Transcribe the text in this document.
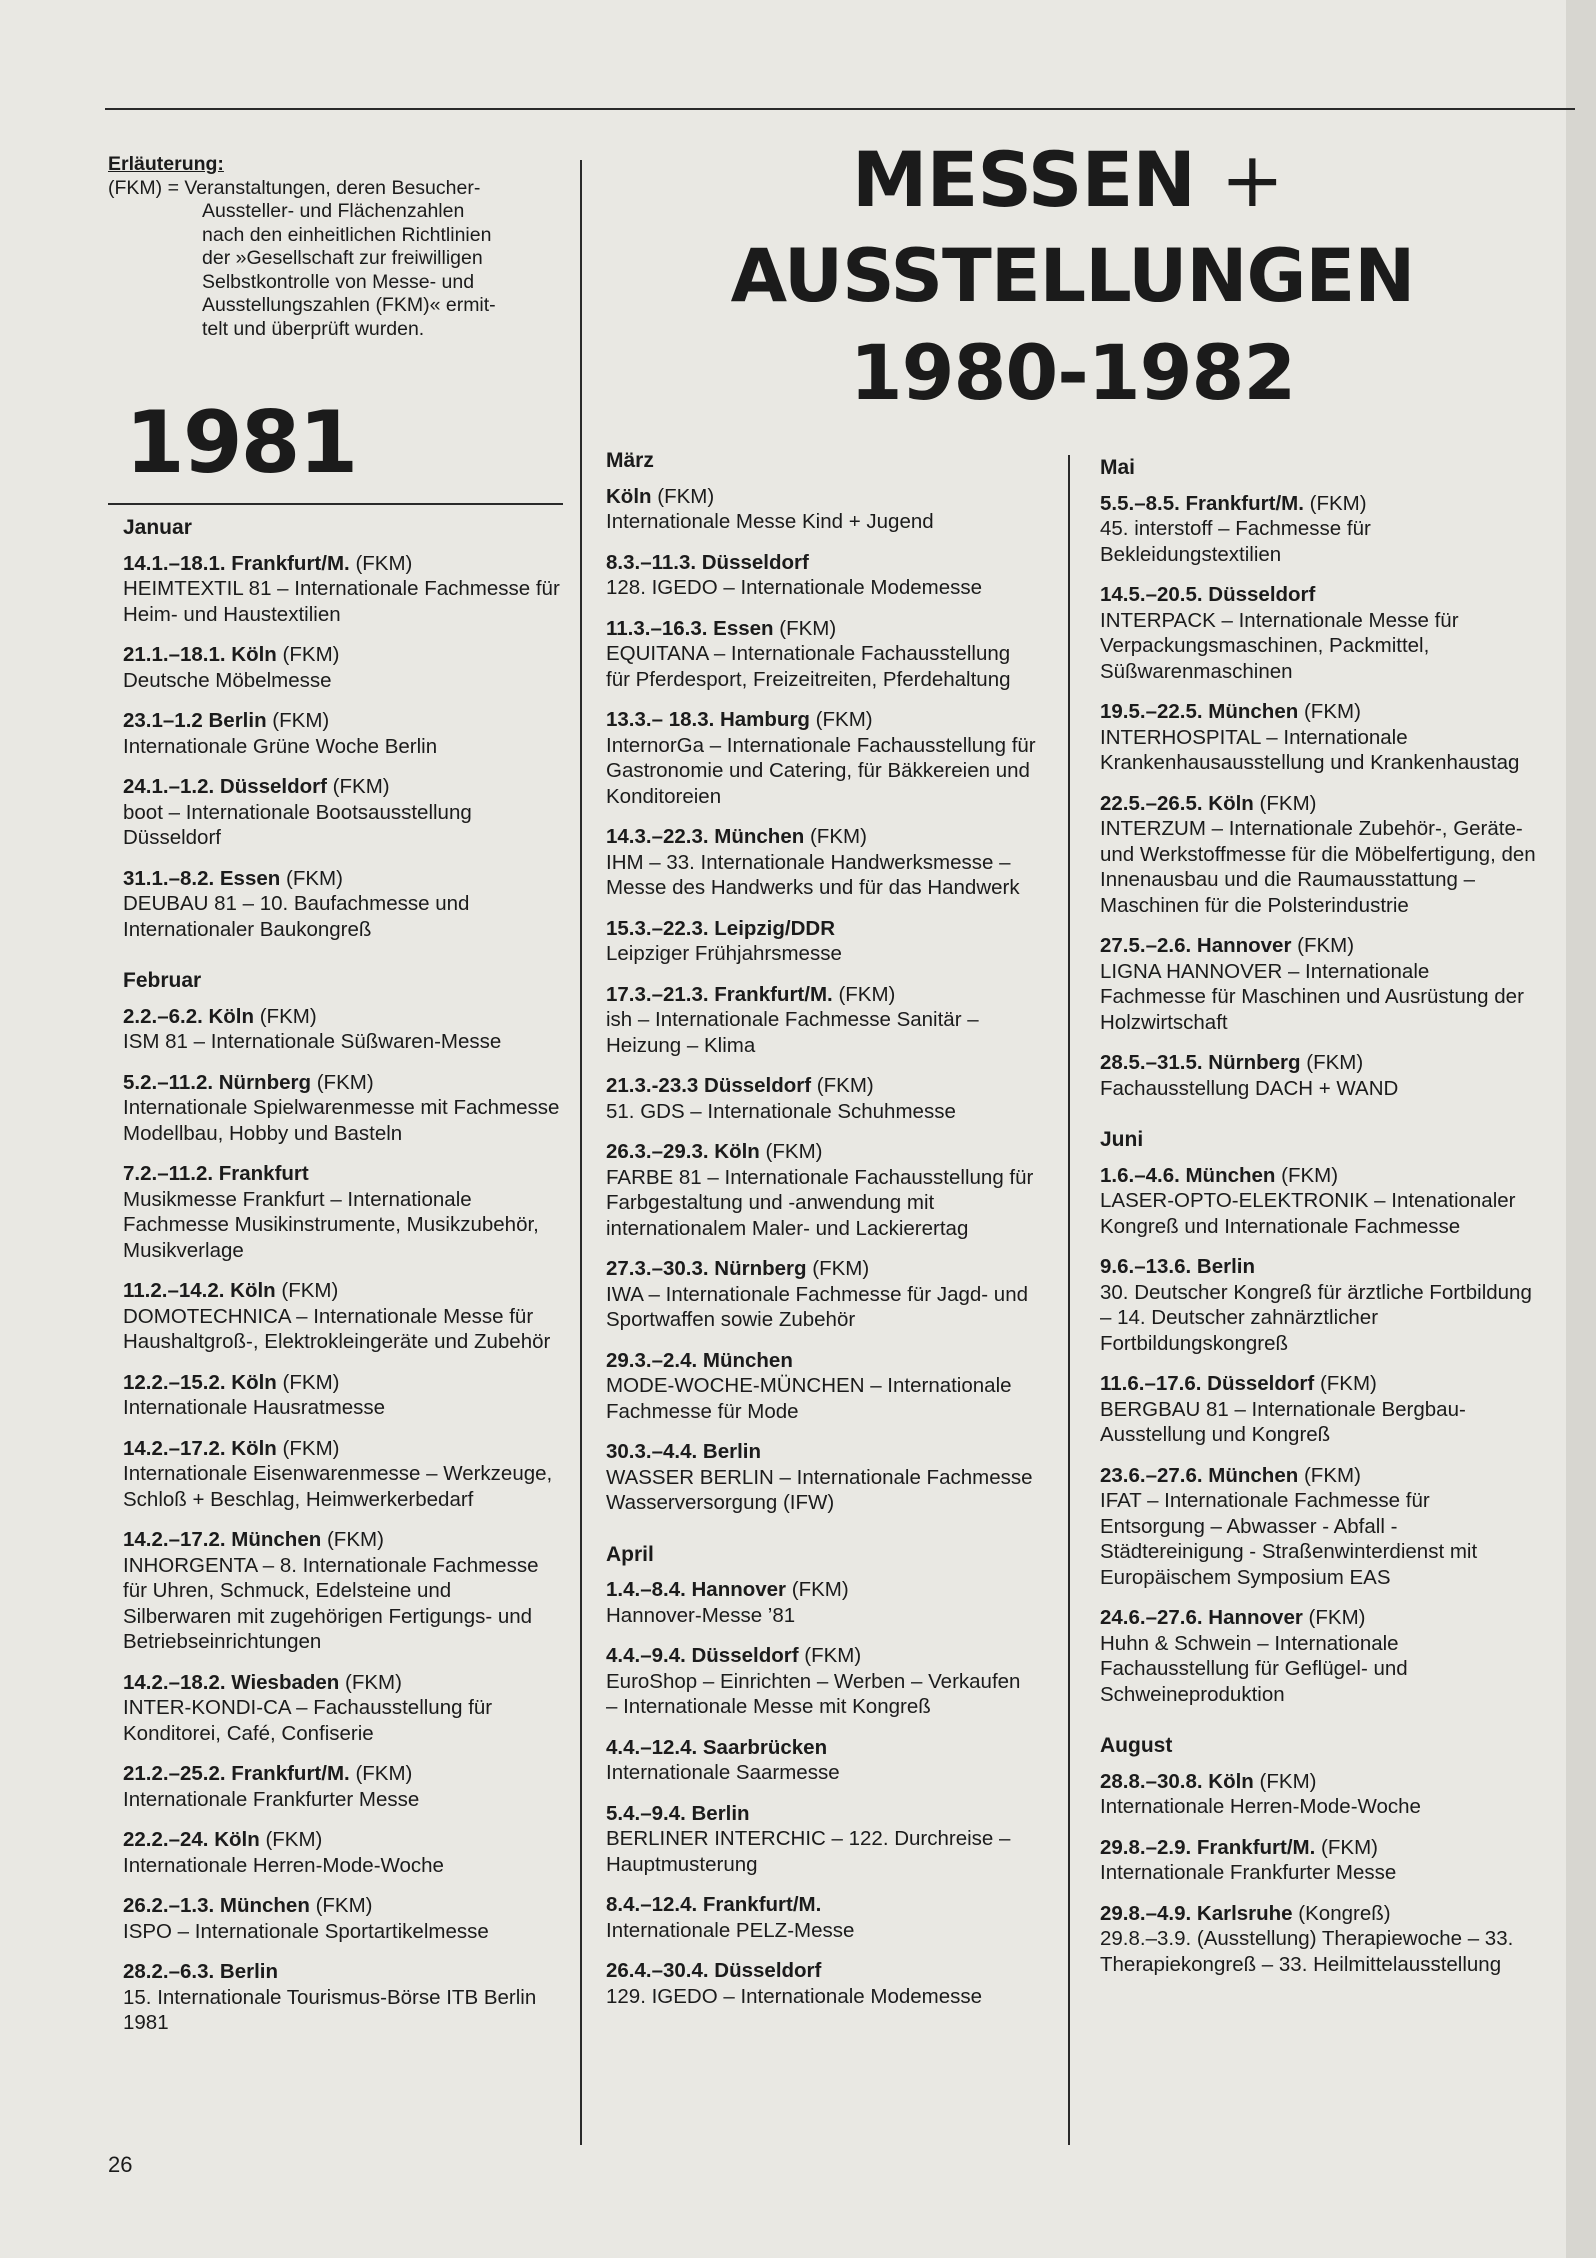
Erläuterung:
(FKM) = Veranstaltungen, deren Besucher-
Aussteller- und Flächenzahlen
nach den einheitlichen Richtlinien
der »Gesellschaft zur freiwilligen
Selbstkontrolle von Messe- und
Ausstellungszahlen (FKM)« ermit-
telt und überprüft wurden.
1981
MESSEN +
AUSSTELLUNGEN
1980-1982
Januar
14.1.–18.1. Frankfurt/M. (FKM)
HEIMTEXTIL 81 – Internationale Fachmesse für Heim- und Haustextilien
21.1.–18.1. Köln (FKM)
Deutsche Möbelmesse
23.1–1.2 Berlin (FKM)
Internationale Grüne Woche Berlin
24.1.–1.2. Düsseldorf (FKM)
boot – Internationale Bootsausstellung Düsseldorf
31.1.–8.2. Essen (FKM)
DEUBAU 81 – 10. Baufachmesse und Internationaler Baukongreß
Februar
2.2.–6.2. Köln (FKM)
ISM 81 – Internationale Süßwaren-Messe
5.2.–11.2. Nürnberg (FKM)
Internationale Spielwarenmesse mit Fachmesse Modellbau, Hobby und Basteln
7.2.–11.2. Frankfurt
Musikmesse Frankfurt – Internationale Fachmesse Musikinstrumente, Musikzubehör, Musikverlage
11.2.–14.2. Köln (FKM)
DOMOTECHNICA – Internationale Messe für Haushaltgroß-, Elektrokleingeräte und Zubehör
12.2.–15.2. Köln (FKM)
Internationale Hausratmesse
14.2.–17.2. Köln (FKM)
Internationale Eisenwarenmesse – Werkzeuge, Schloß + Beschlag, Heimwerkerbedarf
14.2.–17.2. München (FKM)
INHORGENTA – 8. Internationale Fachmesse für Uhren, Schmuck, Edelsteine und Silberwaren mit zugehörigen Fertigungs- und Betriebseinrichtungen
14.2.–18.2. Wiesbaden (FKM)
INTER-KONDI-CA – Fachausstellung für Konditorei, Café, Confiserie
21.2.–25.2. Frankfurt/M. (FKM)
Internationale Frankfurter Messe
22.2.–24. Köln (FKM)
Internationale Herren-Mode-Woche
26.2.–1.3. München (FKM)
ISPO – Internationale Sportartikelmesse
28.2.–6.3. Berlin
15. Internationale Tourismus-Börse ITB Berlin 1981
März
Köln (FKM)
Internationale Messe Kind + Jugend
8.3.–11.3. Düsseldorf
128. IGEDO – Internationale Modemesse
11.3.–16.3. Essen (FKM)
EQUITANA – Internationale Fachausstellung für Pferdesport, Freizeitreiten, Pferdehaltung
13.3.– 18.3. Hamburg (FKM)
InternorGa – Internationale Fachausstellung für Gastronomie und Catering, für Bäkkereien und Konditoreien
14.3.–22.3. München (FKM)
IHM – 33. Internationale Handwerksmesse – Messe des Handwerks und für das Handwerk
15.3.–22.3. Leipzig/DDR
Leipziger Frühjahrsmesse
17.3.–21.3. Frankfurt/M. (FKM)
ish – Internationale Fachmesse Sanitär – Heizung – Klima
21.3.-23.3 Düsseldorf (FKM)
51. GDS – Internationale Schuhmesse
26.3.–29.3. Köln (FKM)
FARBE 81 – Internationale Fachausstellung für Farbgestaltung und -anwendung mit internationalem Maler- und Lackierertag
27.3.–30.3. Nürnberg (FKM)
IWA – Internationale Fachmesse für Jagd- und Sportwaffen sowie Zubehör
29.3.–2.4. München
MODE-WOCHE-MÜNCHEN – Internationale Fachmesse für Mode
30.3.–4.4. Berlin
WASSER BERLIN – Internationale Fachmesse Wasserversorgung (IFW)
April
1.4.–8.4. Hannover (FKM)
Hannover-Messe ’81
4.4.–9.4. Düsseldorf (FKM)
EuroShop – Einrichten – Werben – Verkaufen – Internationale Messe mit Kongreß
4.4.–12.4. Saarbrücken
Internationale Saarmesse
5.4.–9.4. Berlin
BERLINER INTERCHIC – 122. Durchreise – Hauptmusterung
8.4.–12.4. Frankfurt/M.
Internationale PELZ-Messe
26.4.–30.4. Düsseldorf
129. IGEDO – Internationale Modemesse
Mai
5.5.–8.5. Frankfurt/M. (FKM)
45. interstoff – Fachmesse für Bekleidungstextilien
14.5.–20.5. Düsseldorf
INTERPACK – Internationale Messe für Verpackungsmaschinen, Packmittel, Süßwarenmaschinen
19.5.–22.5. München (FKM)
INTERHOSPITAL – Internationale Krankenhausausstellung und Krankenhaustag
22.5.–26.5. Köln (FKM)
INTERZUM – Internationale Zubehör-, Geräte- und Werkstoffmesse für die Möbelfertigung, den Innenausbau und die Raumausstattung – Maschinen für die Polsterindustrie
27.5.–2.6. Hannover (FKM)
LIGNA HANNOVER – Internationale Fachmesse für Maschinen und Ausrüstung der Holzwirtschaft
28.5.–31.5. Nürnberg (FKM)
Fachausstellung DACH + WAND
Juni
1.6.–4.6. München (FKM)
LASER-OPTO-ELEKTRONIK – Intenationaler Kongreß und Internationale Fachmesse
9.6.–13.6. Berlin
30. Deutscher Kongreß für ärztliche Fortbildung – 14. Deutscher zahnärztlicher Fortbildungskongreß
11.6.–17.6. Düsseldorf (FKM)
BERGBAU 81 – Internationale Bergbau-Ausstellung und Kongreß
23.6.–27.6. München (FKM)
IFAT – Internationale Fachmesse für Entsorgung – Abwasser - Abfall - Städtereinigung - Straßenwinterdienst mit Europäischem Symposium EAS
24.6.–27.6. Hannover (FKM)
Huhn & Schwein – Internationale Fachausstellung für Geflügel- und Schweineproduktion
August
28.8.–30.8. Köln (FKM)
Internationale Herren-Mode-Woche
29.8.–2.9. Frankfurt/M. (FKM)
Internationale Frankfurter Messe
29.8.–4.9. Karlsruhe (Kongreß)
29.8.–3.9. (Ausstellung) Therapiewoche – 33. Therapiekongreß – 33. Heilmittelausstellung
26
